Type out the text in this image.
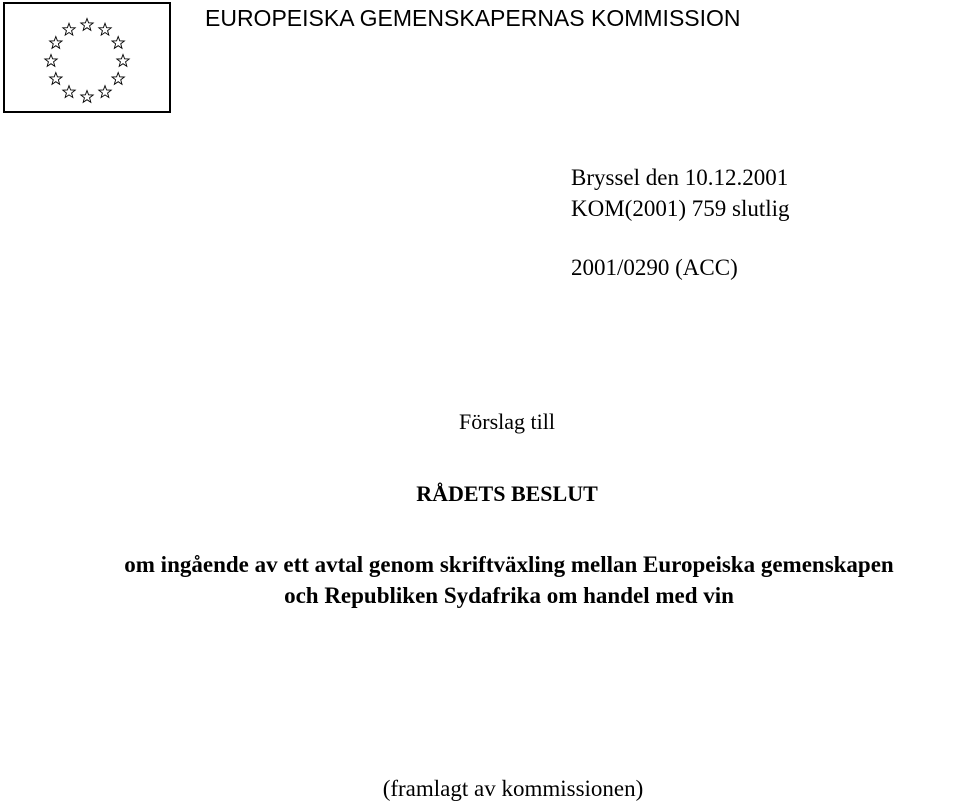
EUROPEISKA GEMENSKAPERNAS KOMMISSION
Bryssel den 10.12.2001
KOM(2001) 759 slutlig
2001/0290 (ACC)
Förslag till
RÅDETS BESLUT
om ingående av ett avtal genom skriftväxling mellan Europeiska gemenskapen
och Republiken Sydafrika om handel med vin
(framlagt av kommissionen)
